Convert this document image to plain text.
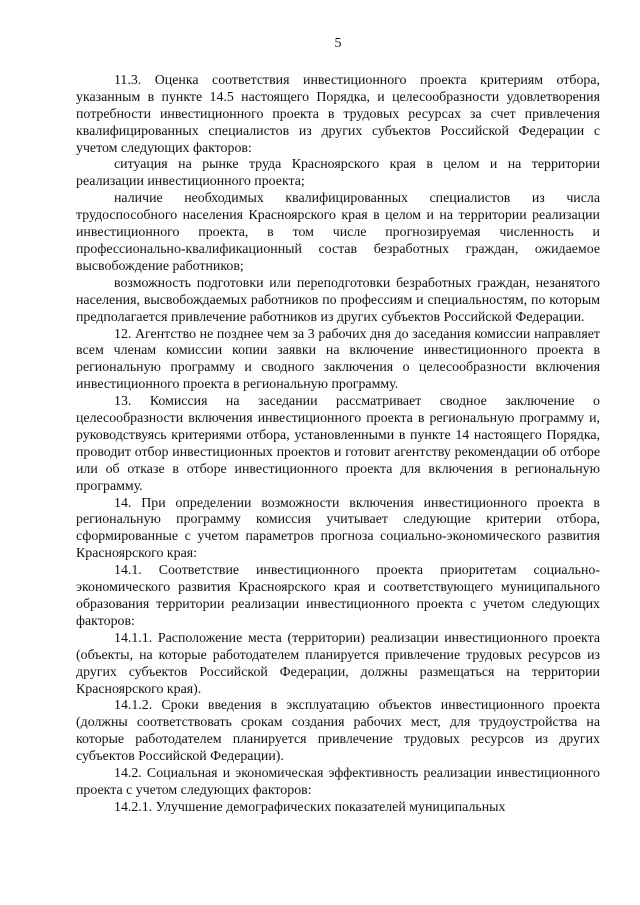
5

11.3. Оценка соответствия инвестиционного проекта критериям отбора, указанным в пункте 14.5 настоящего Порядка, и целесообразности удовлетворения потребности инвестиционного проекта в трудовых ресурсах за счет привлечения квалифицированных специалистов из других субъектов Российской Федерации с учетом следующих факторов:

ситуация на рынке труда Красноярского края в целом и на территории реализации инвестиционного проекта;

наличие необходимых квалифицированных специалистов из числа трудоспособного населения Красноярского края в целом и на территории реализации инвестиционного проекта, в том числе прогнозируемая численность и профессионально-квалификационный состав безработных граждан, ожидаемое высвобождение работников;

возможность подготовки или переподготовки безработных граждан, незанятого населения, высвобождаемых работников по профессиям и специальностям, по которым предполагается привлечение работников из других субъектов Российской Федерации.

12. Агентство не позднее чем за 3 рабочих дня до заседания комиссии направляет всем членам комиссии копии заявки на включение инвестиционного проекта в региональную программу и сводного заключения о целесообразности включения инвестиционного проекта в региональную программу.

13. Комиссия на заседании рассматривает сводное заключение о целесообразности включения инвестиционного проекта в региональную программу и, руководствуясь критериями отбора, установленными в пункте 14 настоящего Порядка, проводит отбор инвестиционных проектов и готовит агентству рекомендации об отборе или об отказе в отборе инвестиционного проекта для включения в региональную программу.

14. При определении возможности включения инвестиционного проекта в региональную программу комиссия учитывает следующие критерии отбора, сформированные с учетом параметров прогноза социально-экономического развития Красноярского края:

14.1. Соответствие инвестиционного проекта приоритетам социально-экономического развития Красноярского края и соответствующего муниципального образования территории реализации инвестиционного проекта с учетом следующих факторов:

14.1.1. Расположение места (территории) реализации инвестиционного проекта (объекты, на которые работодателем планируется привлечение трудовых ресурсов из других субъектов Российской Федерации, должны размещаться на территории Красноярского края).

14.1.2. Сроки введения в эксплуатацию объектов инвестиционного проекта (должны соответствовать срокам создания рабочих мест, для трудоустройства на которые работодателем планируется привлечение трудовых ресурсов из других субъектов Российской Федерации).

14.2. Социальная и экономическая эффективность реализации инвестиционного проекта с учетом следующих факторов:

14.2.1. Улучшение демографических показателей муниципальных
